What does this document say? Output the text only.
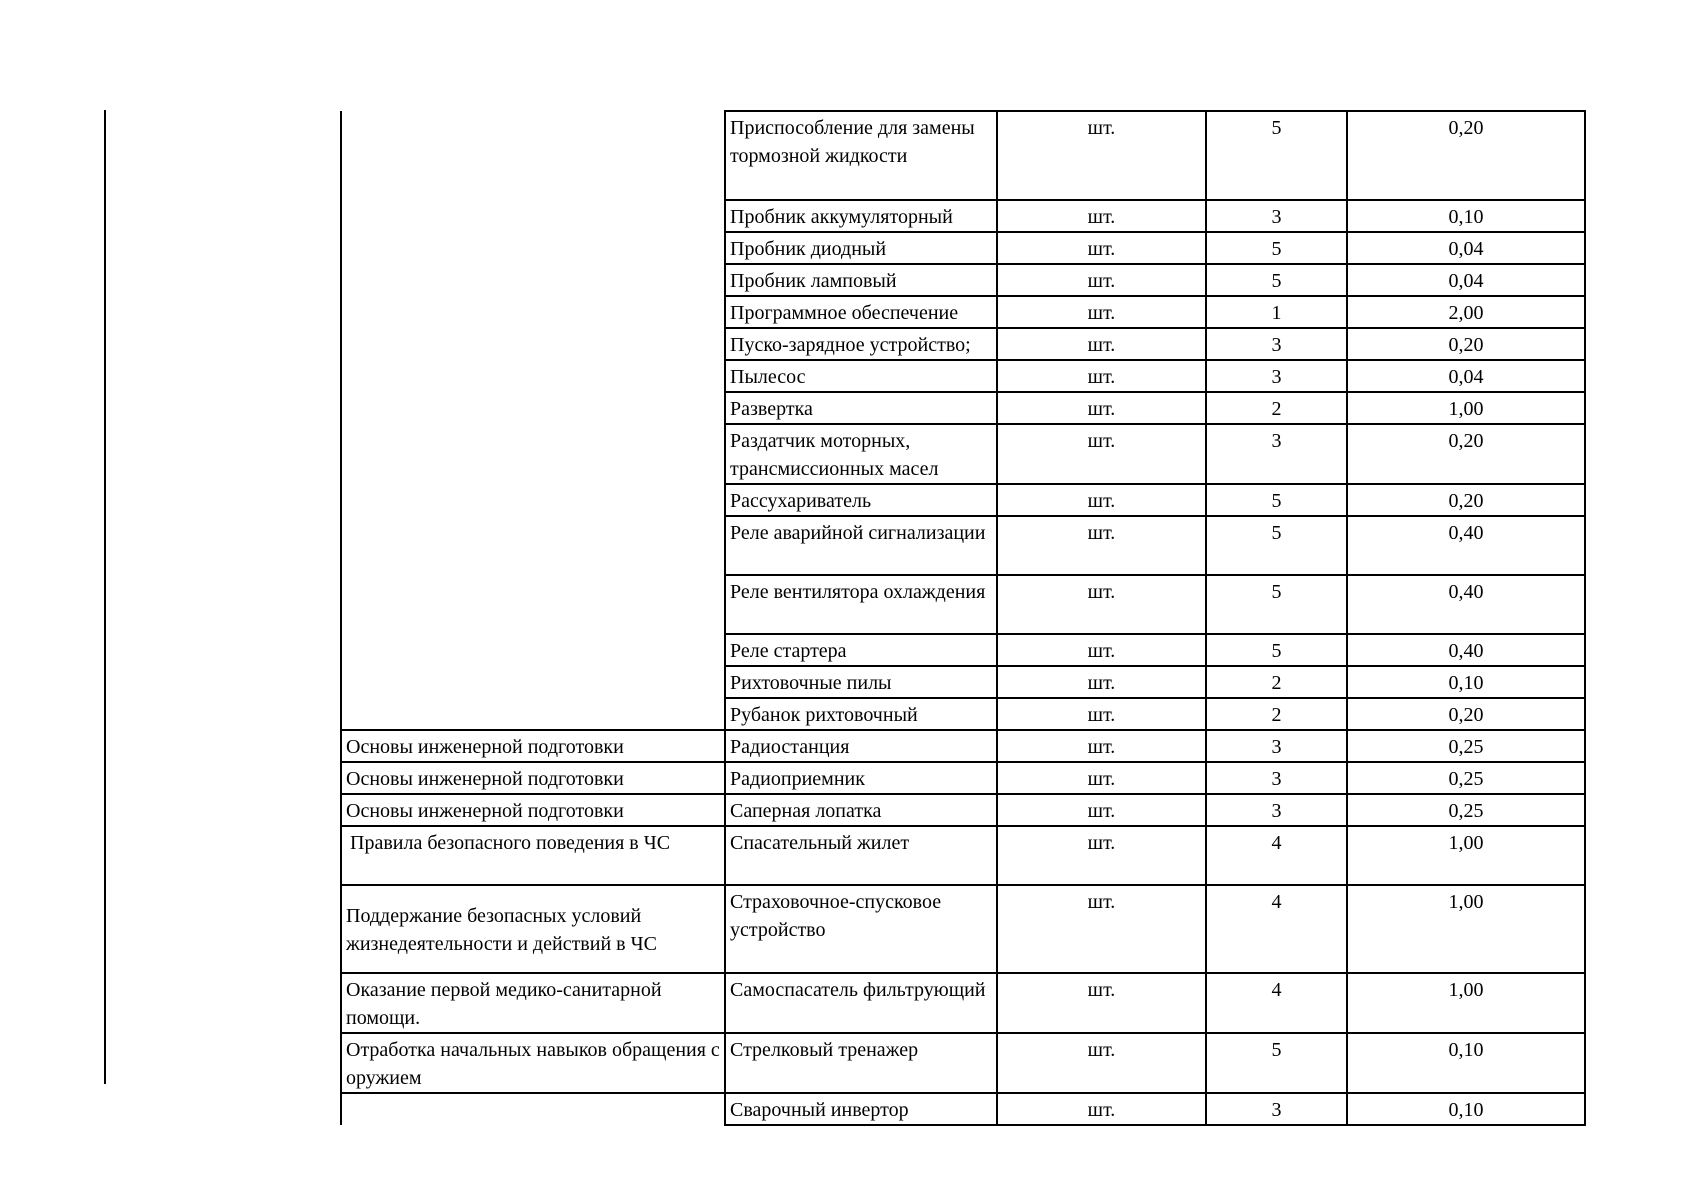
	Приспособление для замены тормозной жидкости	шт.	5	0,20
	Пробник аккумуляторный	шт.	3	0,10
	Пробник диодный	шт.	5	0,04
	Пробник ламповый	шт.	5	0,04
	Программное обеспечение	шт.	1	2,00
	Пуско-зарядное устройство;	шт.	3	0,20
	Пылесос	шт.	3	0,04
	Развертка	шт.	2	1,00
	Раздатчик моторных, трансмиссионных масел	шт.	3	0,20
	Рассухариватель	шт.	5	0,20
	Реле аварийной сигнализации	шт.	5	0,40
	Реле вентилятора охлаждения	шт.	5	0,40
	Реле стартера	шт.	5	0,40
	Рихтовочные пилы	шт.	2	0,10
	Рубанок рихтовочный	шт.	2	0,20
Основы инженерной подготовки	Радиостанция	шт.	3	0,25
Основы инженерной подготовки	Радиоприемник	шт.	3	0,25
Основы инженерной подготовки	Саперная лопатка	шт.	3	0,25
Правила безопасного поведения в ЧС	Спасательный жилет	шт.	4	1,00
Поддержание безопасных условий жизнедеятельности и действий в ЧС	Страховочное-спусковое устройство	шт.	4	1,00
Оказание первой медико-санитарной помощи.	Самоспасатель фильтрующий	шт.	4	1,00
Отработка начальных навыков обращения с оружием	Стрелковый тренажер	шт.	5	0,10
	Сварочный инвертор	шт.	3	0,10
